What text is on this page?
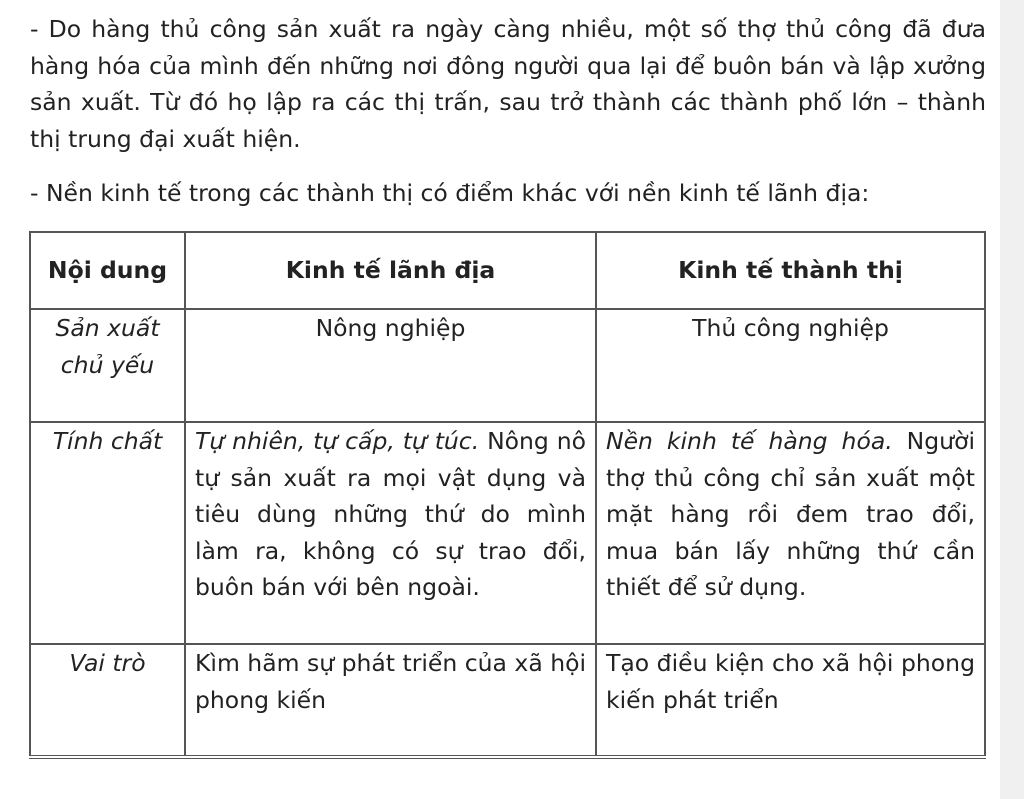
- Do hàng thủ công sản xuất ra ngày càng nhiều, một số thợ thủ công đã đưa hàng hóa của mình đến những nơi đông người qua lại để buôn bán và lập xưởng sản xuất. Từ đó họ lập ra các thị trấn, sau trở thành các thành phố lớn – thành thị trung đại xuất hiện.

- Nền kinh tế trong các thành thị có điểm khác với nền kinh tế lãnh địa:

Nội dung	Kinh tế lãnh địa	Kinh tế thành thị
Sản xuất chủ yếu	Nông nghiệp	Thủ công nghiệp
Tính chất	Tự nhiên, tự cấp, tự túc. Nông nô tự sản xuất ra mọi vật dụng và tiêu dùng những thứ do mình làm ra, không có sự trao đổi, buôn bán với bên ngoài.	Nền kinh tế hàng hóa. Người thợ thủ công chỉ sản xuất một mặt hàng rồi đem trao đổi, mua bán lấy những thứ cần thiết để sử dụng.
Vai trò	Kìm hãm sự phát triển của xã hội phong kiến	Tạo điều kiện cho xã hội phong kiến phát triển
